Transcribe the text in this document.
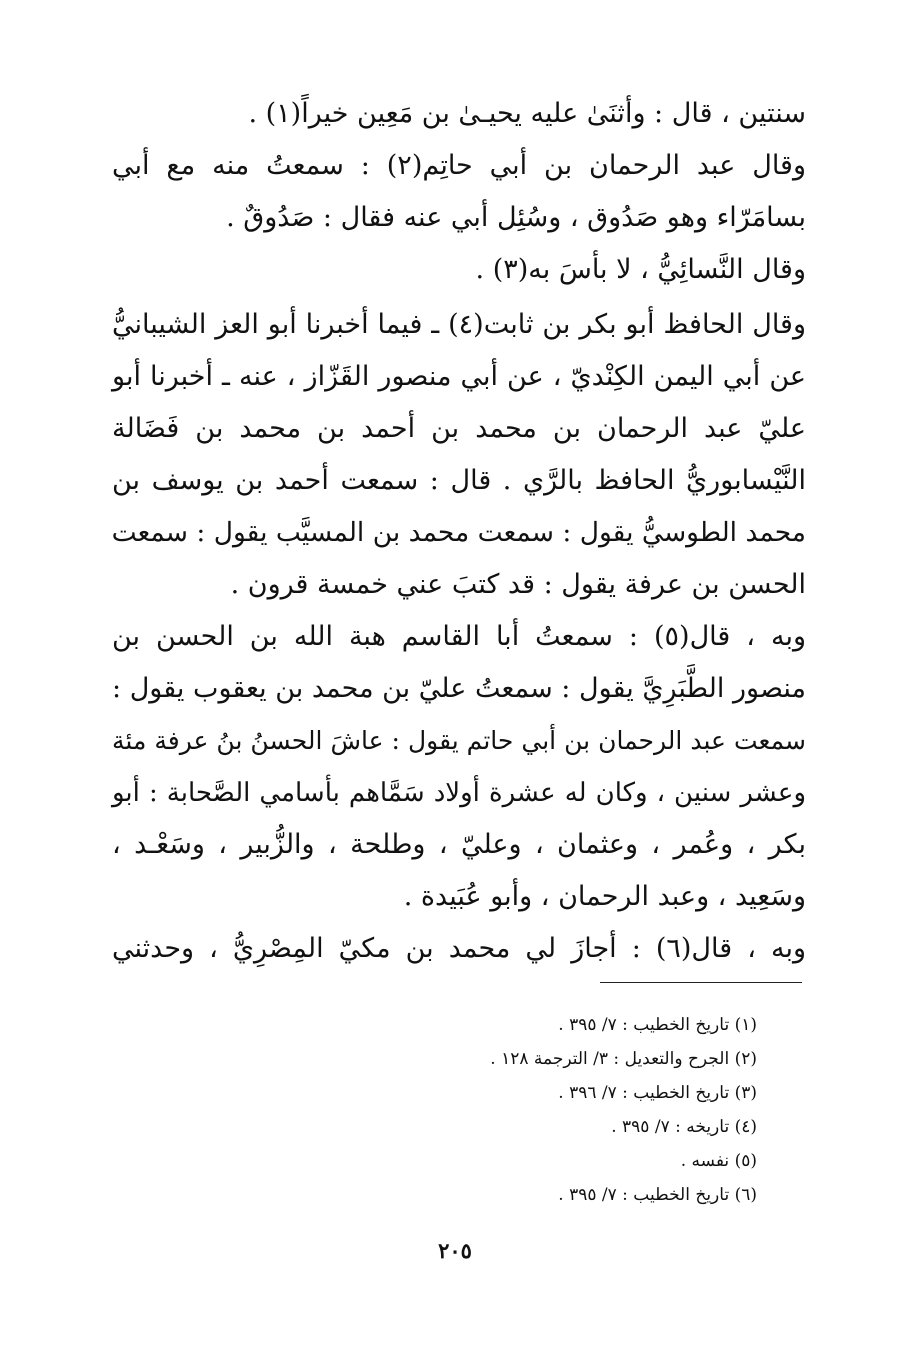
سنتين ، قال : وأثنَىٰ عليه يحيـىٰ بن مَعِين خيراً(١) .
وقال عبد الرحمان بن أبي حاتِم(٢) : سمعتُ منه مع أبي
بسامَرّاء وهو صَدُوق ، وسُئِل أبي عنه فقال : صَدُوقٌ .
وقال النَّسائِيُّ ، لا بأسَ به(٣) .
وقال الحافظ أبو بكر بن ثابت(٤) ـ فيما أخبرنا أبو العز الشيبانيُّ
عن أبي اليمن الكِنْديّ ، عن أبي منصور القَزّاز ، عنه ـ أخبرنا أبو
عليّ عبد الرحمان بن محمد بن أحمد بن محمد بن فَضَالة
النَّيْسابوريُّ الحافظ بالرَّي . قال : سمعت أحمد بن يوسف بن
محمد الطوسيُّ يقول : سمعت محمد بن المسيَّب يقول : سمعت
الحسن بن عرفة يقول : قد كتبَ عني خمسة قرون .
وبه ، قال(٥) : سمعتُ أبا القاسم هبة الله بن الحسن بن
منصور الطَّبَرِيَّ يقول : سمعتُ عليّ بن محمد بن يعقوب يقول :
سمعت عبد الرحمان بن أبي حاتم يقول : عاشَ الحسنُ بنُ عرفة مئة
وعشر سنين ، وكان له عشرة أولاد سَمَّاهم بأسامي الصَّحابة : أبو
بكر ، وعُمر ، وعثمان ، وعليّ ، وطلحة ، والزُّبير ، وسَعْـد ،
وسَعِيد ، وعبد الرحمان ، وأبو عُبَيدة .
وبه ، قال(٦) : أجازَ لي محمد بن مكيّ المِصْرِيُّ ، وحدثني
(١) تاريخ الخطيب : ٧/ ٣٩٥ .
(٢) الجرح والتعديل : ٣/ الترجمة ١٢٨ .
(٣) تاريخ الخطيب : ٧/ ٣٩٦ .
(٤) تاريخه : ٧/ ٣٩٥ .
(٥) نفسه .
(٦) تاريخ الخطيب : ٧/ ٣٩٥ .
٢٠٥
